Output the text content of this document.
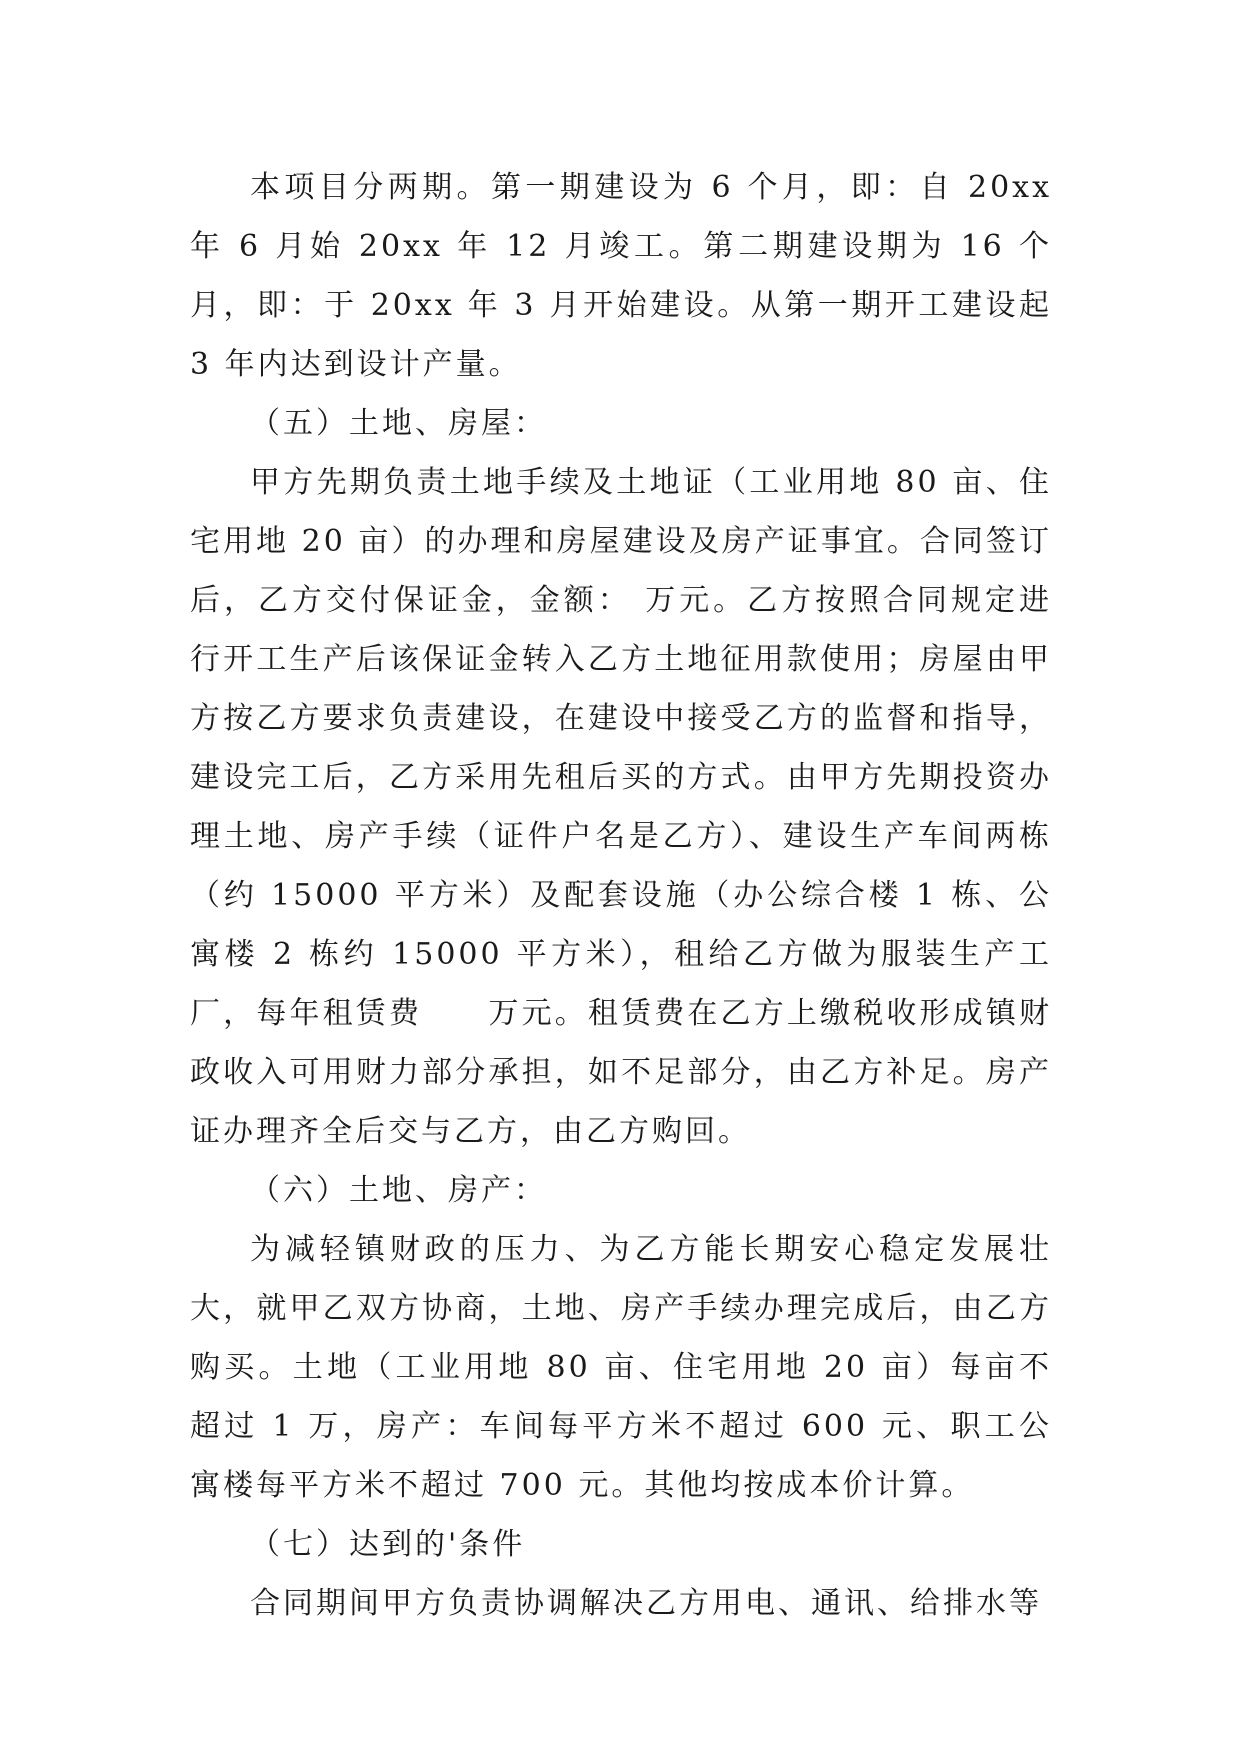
本项目分两期。第一期建设为 6 个月，即：自 20xx 年 6 月始 20xx 年 12 月竣工。第二期建设期为 16 个月，即：于 20xx 年 3 月开始建设。从第一期开工建设起 3 年内达到设计产量。

（五）土地、房屋：

甲方先期负责土地手续及土地证（工业用地 80 亩、住宅用地 20 亩）的办理和房屋建设及房产证事宜。合同签订后，乙方交付保证金，金额： 万元。乙方按照合同规定进行开工生产后该保证金转入乙方土地征用款使用；房屋由甲方按乙方要求负责建设，在建设中接受乙方的监督和指导，建设完工后，乙方采用先租后买的方式。由甲方先期投资办理土地、房产手续（证件户名是乙方）、建设生产车间两栋（约 15000 平方米）及配套设施（办公综合楼 1 栋、公寓楼 2 栋约 15000 平方米），租给乙方做为服装生产工厂，每年租赁费　　万元。租赁费在乙方上缴税收形成镇财政收入可用财力部分承担，如不足部分，由乙方补足。房产证办理齐全后交与乙方，由乙方购回。

（六）土地、房产：

为减轻镇财政的压力、为乙方能长期安心稳定发展壮大，就甲乙双方协商，土地、房产手续办理完成后，由乙方购买。土地（工业用地 80 亩、住宅用地 20 亩）每亩不超过 1 万，房产：车间每平方米不超过 600 元、职工公寓楼每平方米不超过 700 元。其他均按成本价计算。

（七）达到的'条件

合同期间甲方负责协调解决乙方用电、通讯、给排水等
